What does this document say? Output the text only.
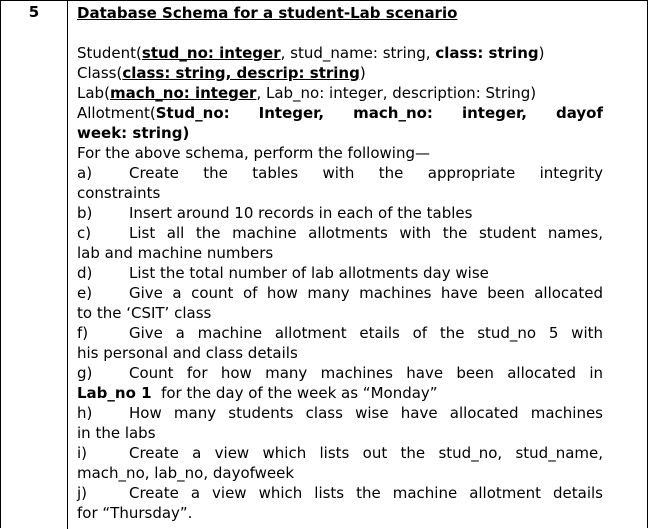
5	Database Schema for a student-Lab scenario
Student(stud_no: integer, stud_name: string, class: string)
Class(class: string, descrip: string)
Lab(mach_no: integer, Lab_no: integer, description: String)
Allotment(Stud_no: Integer, mach_no: integer, dayof
week: string)
For the above schema, perform the following—
a) Create the tables with the appropriate integrity
constraints
b) Insert around 10 records in each of the tables
c)	List all the machine allotments with the student names,
lab and machine numbers
d) List the total number of lab allotments day wise
e) Give a count of how many machines have been allocated
to the ‘CSIT’ class
f)	Give a machine allotment etails of the stud_no 5 with
his personal and class details
g) Count for how many machines have been allocated in
Lab_no 1  for the day of the week as “Monday”
h) How many students class wise have allocated machines
in the labs
i)	Create a view which lists out the stud_no, stud_name,
mach_no, lab_no, dayofweek
j)	Create a view which lists the machine allotment details
for “Thursday”.
